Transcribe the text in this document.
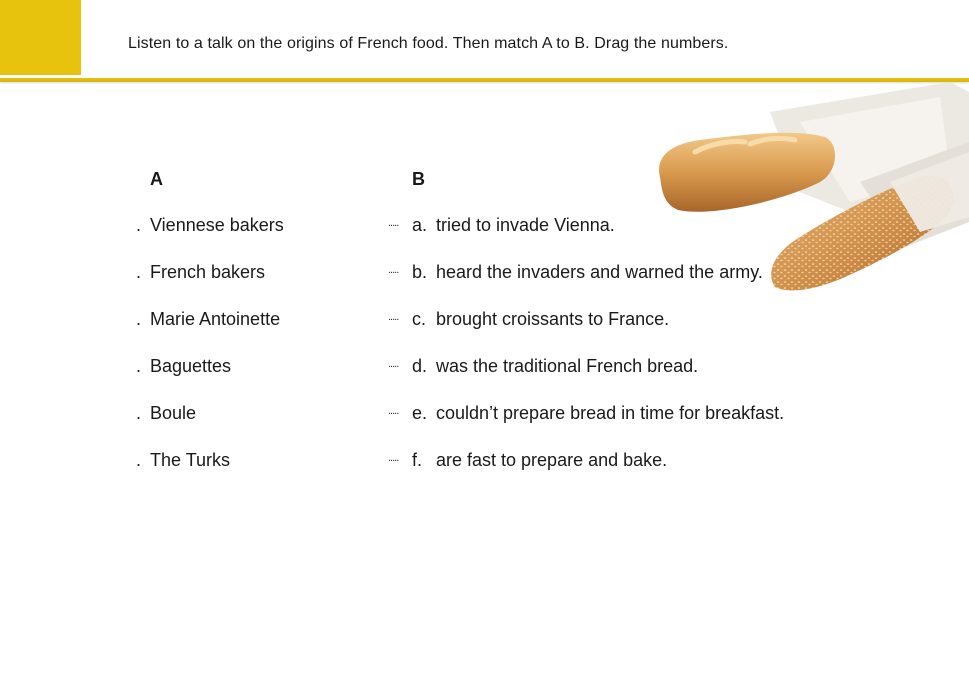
Listen to a talk on the origins of French food. Then match A to B. Drag the numbers.
A	B
. Viennese bakers
. French bakers
. Marie Antoinette
. Baguettes
. Boule
. The Turks
..... a. tried to invade Vienna.
..... b. heard the invaders and warned the army.
..... c. brought croissants to France.
..... d. was the traditional French bread.
..... e. couldn’t prepare bread in time for breakfast.
..... f. are fast to prepare and bake.
